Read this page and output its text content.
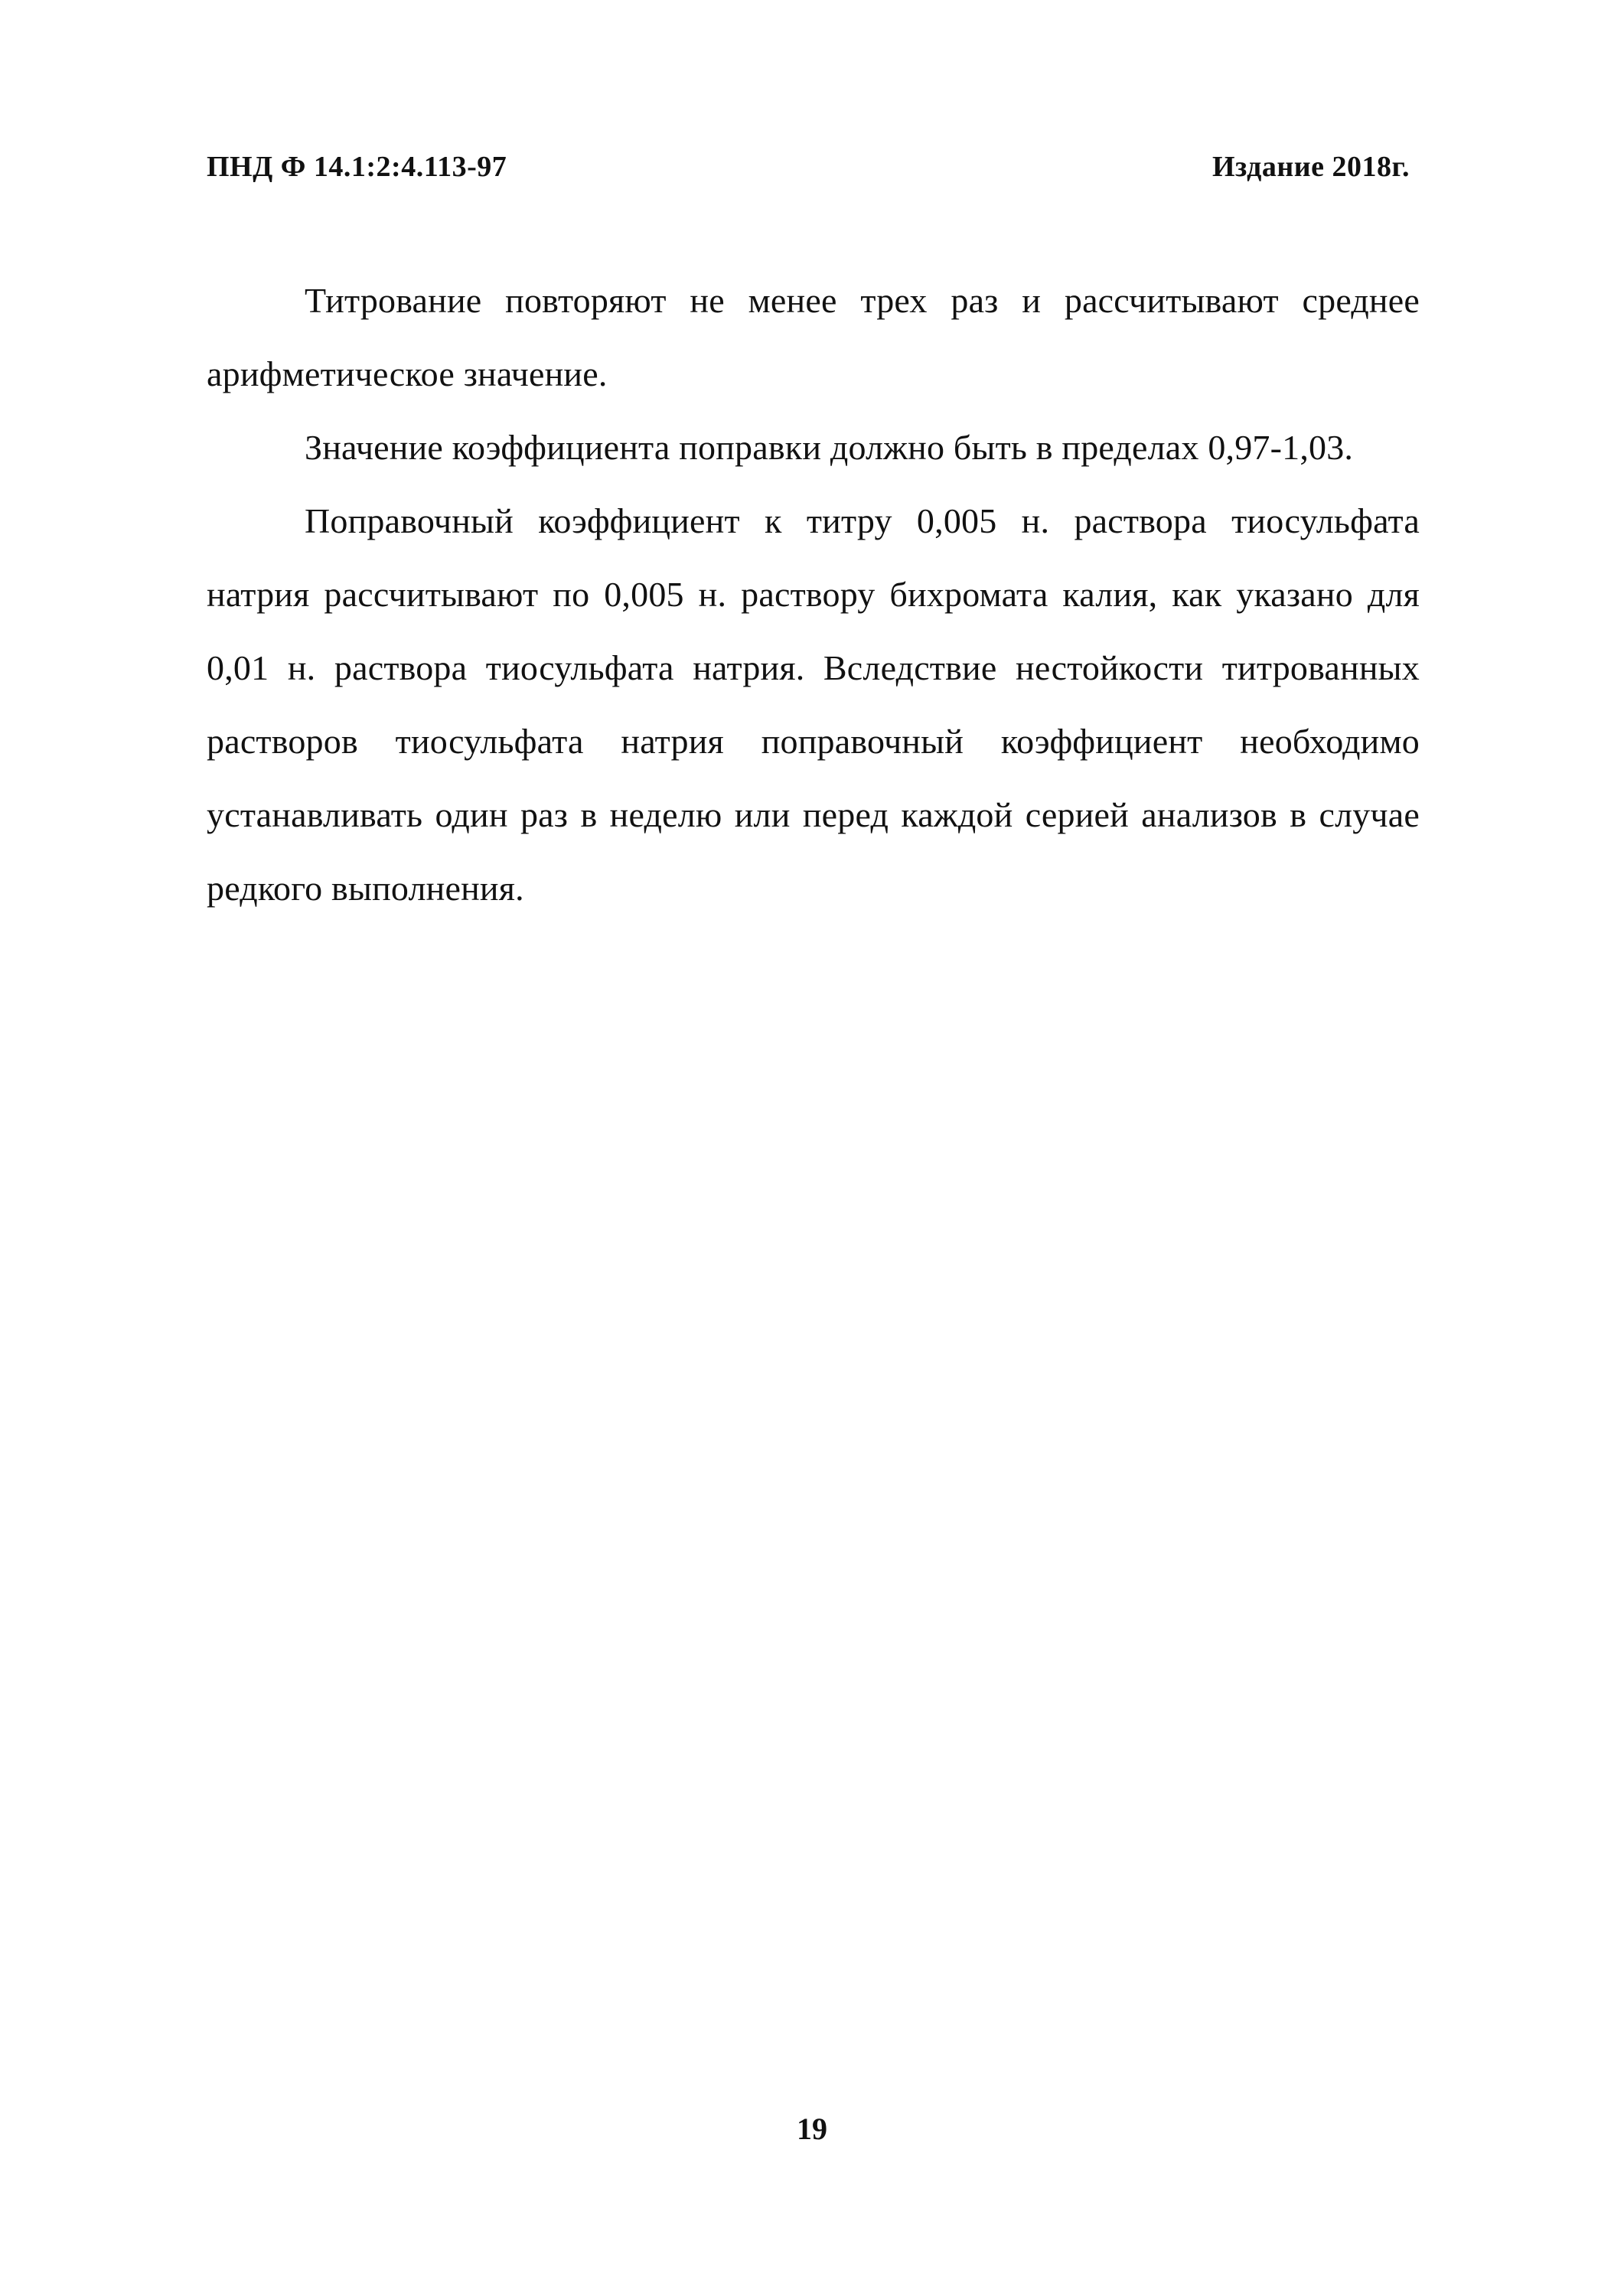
ПНД Ф 14.1:2:4.113-97	Издание 2018г.

Титрование повторяют не менее трех раз и рассчитывают среднее арифметическое значение.

Значение коэффициента поправки должно быть в пределах 0,97-1,03.

Поправочный коэффициент к титру 0,005 н. раствора тиосульфата натрия рассчитывают по 0,005 н. раствору бихромата калия, как указано для 0,01 н. раствора тиосульфата натрия. Вследствие нестойкости титрованных растворов тиосульфата натрия поправочный коэффициент необходимо устанавливать один раз в неделю или перед каждой серией анализов в случае редкого выполнения.

19
